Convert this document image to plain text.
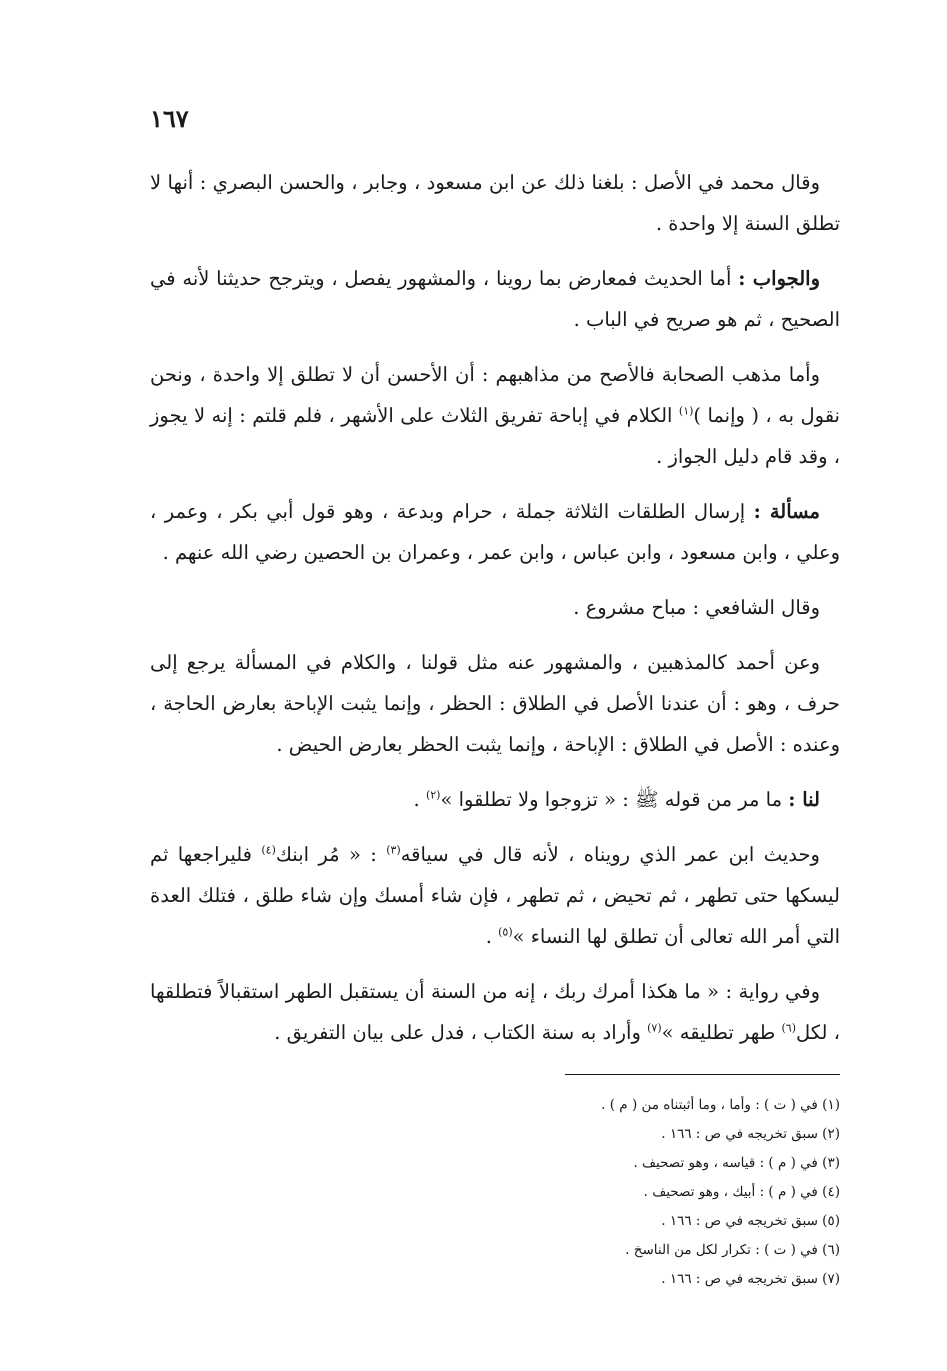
١٦٧

وقال محمد في الأصل : بلغنا ذلك عن ابن مسعود ، وجابر ، والحسن البصري : أنها لا تطلق السنة إلا واحدة .

والجواب : أما الحديث فمعارض بما روينا ، والمشهور يفصل ، ويترجح حديثنا لأنه في الصحيح ، ثم هو صريح في الباب .

وأما مذهب الصحابة فالأصح من مذاهبهم : أن الأحسن أن لا تطلق إلا واحدة ، ونحن نقول به ، ( وإنما )$^{(١)}$ الكلام في إباحة تفريق الثلاث على الأشهر ، فلم قلتم : إنه لا يجوز ، وقد قام دليل الجواز .

مسألة : إرسال الطلقات الثلاثة جملة ، حرام وبدعة ، وهو قول أبي بكر ، وعمر ، وعلي ، وابن مسعود ، وابن عباس ، وابن عمر ، وعمران بن الحصين رضي الله عنهم .

وقال الشافعي : مباح مشروع .

وعن أحمد كالمذهبين ، والمشهور عنه مثل قولنا ، والكلام في المسألة يرجع إلى حرف ، وهو : أن عندنا الأصل في الطلاق : الحظر ، وإنما يثبت الإباحة بعارض الحاجة ، وعنده : الأصل في الطلاق : الإباحة ، وإنما يثبت الحظر بعارض الحيض .

لنا : ما مر من قوله ﷺ : « تزوجوا ولا تطلقوا »$^{(٢)}$ .

وحديث ابن عمر الذي رويناه ، لأنه قال في سياقه$^{(٣)}$ : « مُر ابنك$^{(٤)}$ فليراجعها ثم ليسكها حتى تطهر ، ثم تحيض ، ثم تطهر ، فإن شاء أمسك وإن شاء طلق ، فتلك العدة التي أمر الله تعالى أن تطلق لها النساء »$^{(٥)}$ .

وفي رواية : « ما هكذا أمرك ربك ، إنه من السنة أن يستقبل الطهر استقبالاً فتطلقها ، لكل$^{(٦)}$ طهر تطليقه »$^{(٧)}$ وأراد به سنة الكتاب ، فدل على بيان التفريق .

(١) في ( ت ) : وأما ، وما أثبتناه من ( م ) .
(٢) سبق تخريجه في ص : ١٦٦ .
(٣) في ( م ) : قياسه ، وهو تصحيف .
(٤) في ( م ) : أبيك ، وهو تصحيف .
(٥) سبق تخريجه في ص : ١٦٦ .
(٦) في ( ت ) : تكرار لكل من الناسخ .
(٧) سبق تخريجه في ص : ١٦٦ .
